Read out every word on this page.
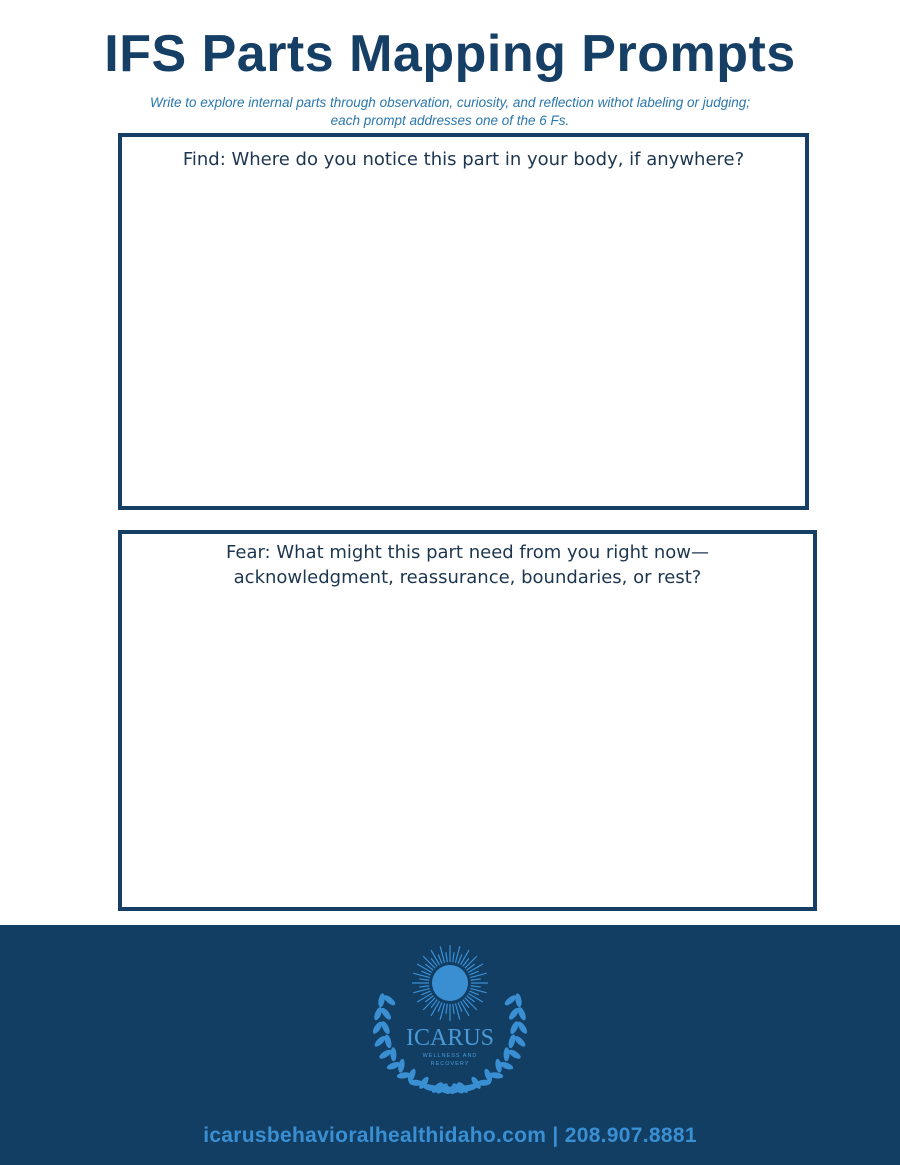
IFS Parts Mapping Prompts
Write to explore internal parts through observation, curiosity, and reflection withot labeling or judging;
each prompt addresses one of the 6 Fs.

Find: Where do you notice this part in your body, if anywhere?

Fear: What might this part need from you right now—
acknowledgment, reassurance, boundaries, or rest?

ICARUS
WELLNESS AND
RECOVERY

icarusbehavioralhealthidaho.com | 208.907.8881
